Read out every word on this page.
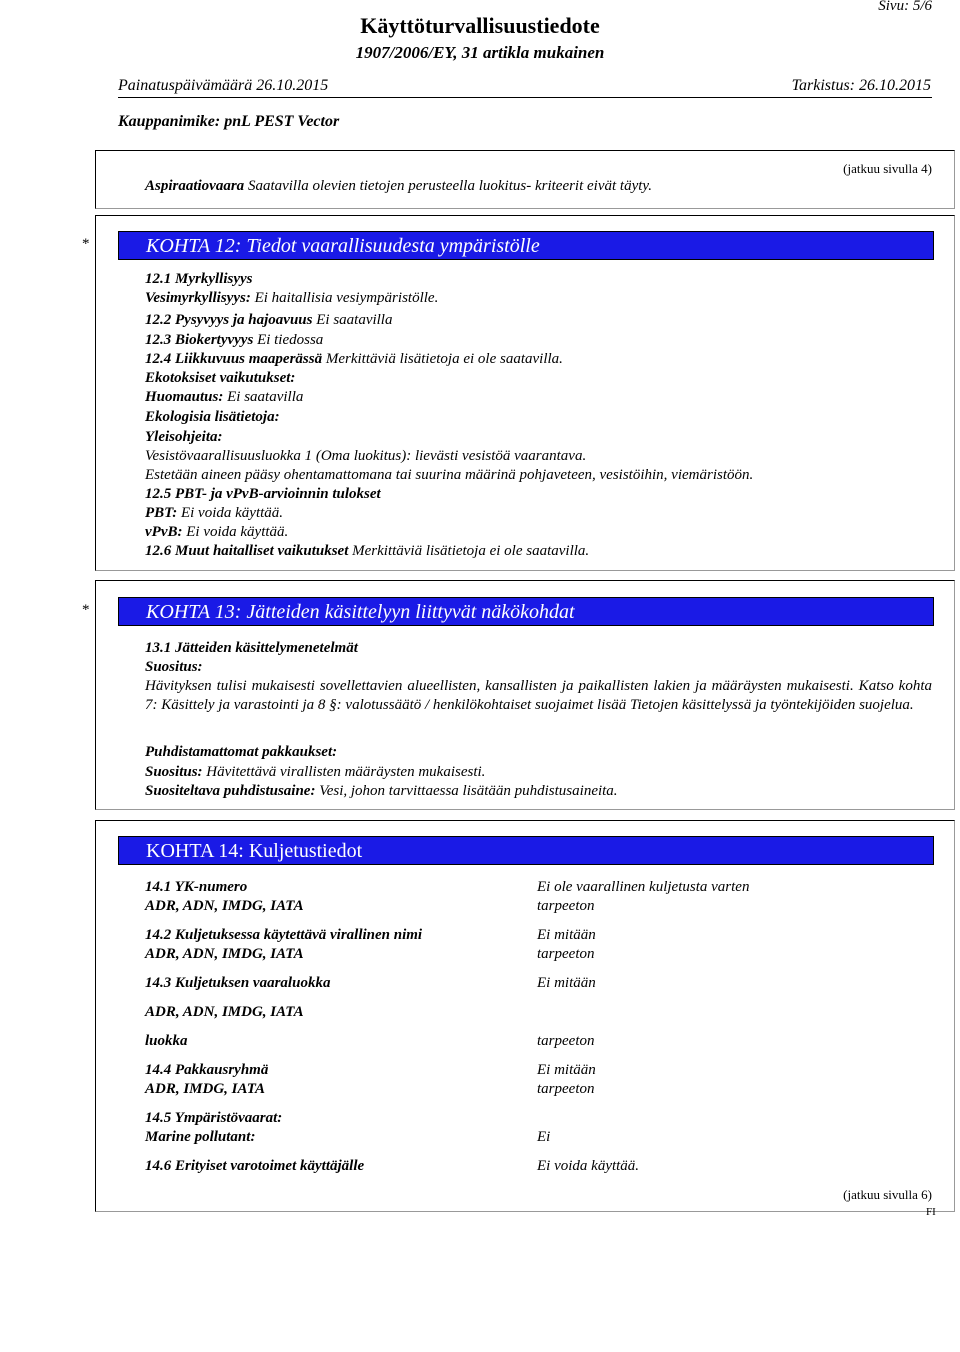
Sivu: 5/6
Käyttöturvallisuustiedote
1907/2006/EY, 31 artikla mukainen
Painatuspäivämäärä 26.10.2015	Tarkistus: 26.10.2015
Kauppanimike: pnL PEST Vector
(jatkuu sivulla 4)
Aspiraatiovaara Saatavilla olevien tietojen perusteella luokitus- kriteerit eivät täyty.
*	KOHTA 12: Tiedot vaarallisuudesta ympäristölle
12.1 Myrkyllisyys
Vesimyrkyllisyys: Ei haitallisia vesiympäristölle.
12.2 Pysyvyys ja hajoavuus Ei saatavilla
12.3 Biokertyvyys Ei tiedossa
12.4 Liikkuvuus maaperässä Merkittäviä lisätietoja ei ole saatavilla.
Ekotoksiset vaikutukset:
Huomautus: Ei saatavilla
Ekologisia lisätietoja:
Yleisohjeita:
Vesistövaarallisuusluokka 1 (Oma luokitus): lievästi vesistöä vaarantava.
Estetään aineen pääsy ohentamattomana tai suurina määrinä pohjaveteen, vesistöihin, viemäristöön.
12.5 PBT- ja vPvB-arvioinnin tulokset
PBT: Ei voida käyttää.
vPvB: Ei voida käyttää.
12.6 Muut haitalliset vaikutukset Merkittäviä lisätietoja ei ole saatavilla.
*	KOHTA 13: Jätteiden käsittelyyn liittyvät näkökohdat
13.1 Jätteiden käsittelymenetelmät
Suositus:
Hävityksen tulisi mukaisesti sovellettavien alueellisten, kansallisten ja paikallisten lakien ja määräysten mukaisesti. Katso kohta 7: Käsittely ja varastointi ja 8 §: valotussäätö / henkilökohtaiset suojaimet lisää Tietojen käsittelyssä ja työntekijöiden suojelua.
Puhdistamattomat pakkaukset:
Suositus: Hävitettävä virallisten määräysten mukaisesti.
Suositeltava puhdistusaine: Vesi, johon tarvittaessa lisätään puhdistusaineita.
KOHTA 14: Kuljetustiedot
14.1 YK-numero	Ei ole vaarallinen kuljetusta varten
ADR, ADN, IMDG, IATA	tarpeeton
14.2 Kuljetuksessa käytettävä virallinen nimi	Ei mitään
ADR, ADN, IMDG, IATA	tarpeeton
14.3 Kuljetuksen vaaraluokka	Ei mitään
ADR, ADN, IMDG, IATA
luokka	tarpeeton
14.4 Pakkausryhmä	Ei mitään
ADR, IMDG, IATA	tarpeeton
14.5 Ympäristövaarat:
Marine pollutant:	Ei
14.6 Erityiset varotoimet käyttäjälle	Ei voida käyttää.
(jatkuu sivulla 6)
FI
